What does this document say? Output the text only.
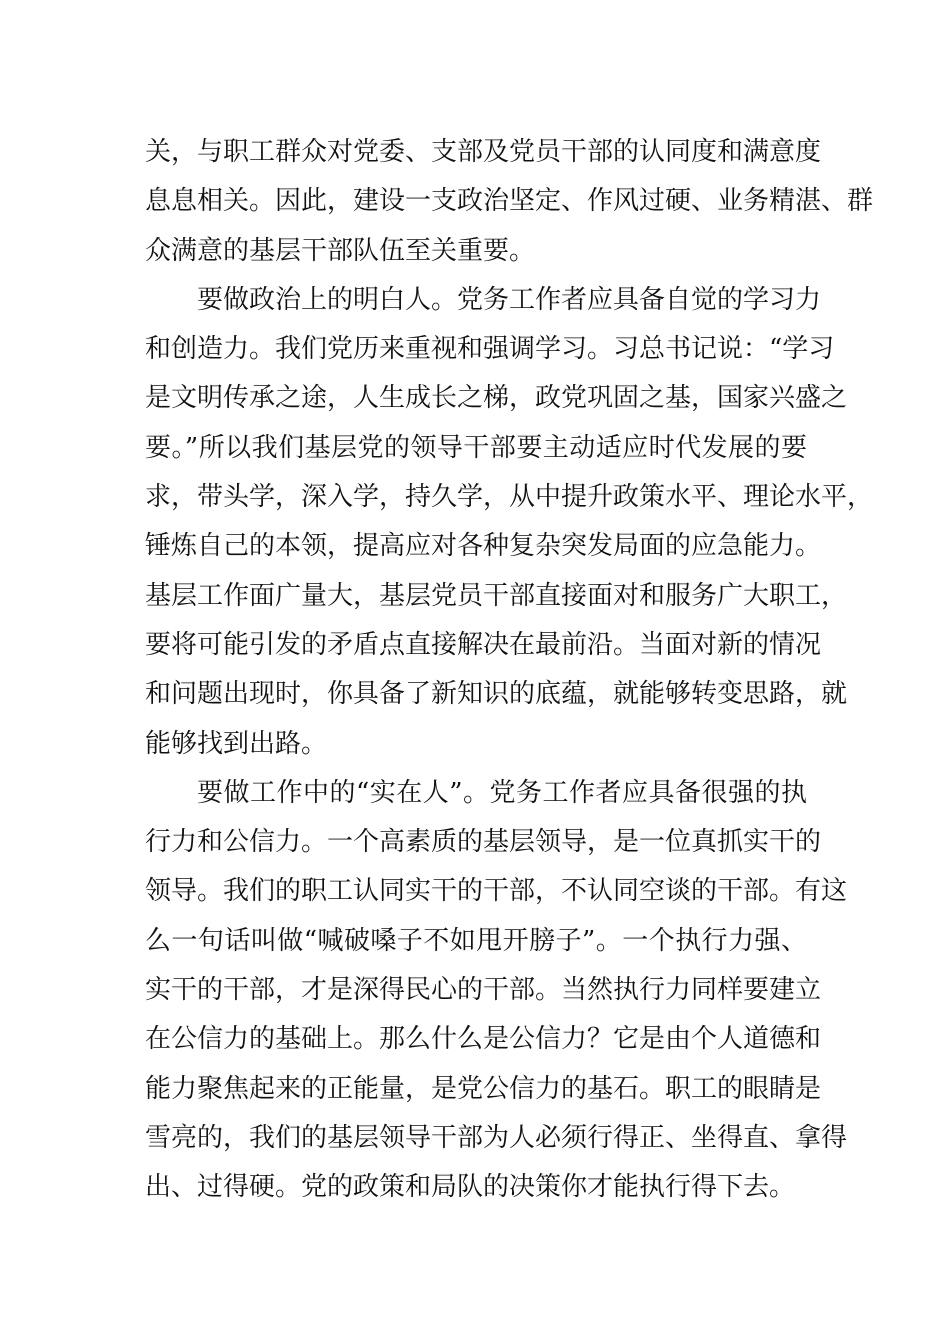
关，与职工群众对党委、支部及党员干部的认同度和满意度
息息相关。因此，建设一支政治坚定、作风过硬、业务精湛、群
众满意的基层干部队伍至关重要。
要做政治上的明白人。党务工作者应具备自觉的学习力
和创造力。我们党历来重视和强调学习。习总书记说：“学习
是文明传承之途，人生成长之梯，政党巩固之基，国家兴盛之
要。”所以我们基层党的领导干部要主动适应时代发展的要
求，带头学，深入学，持久学，从中提升政策水平、理论水平，
锤炼自己的本领，提高应对各种复杂突发局面的应急能力。
基层工作面广量大，基层党员干部直接面对和服务广大职工，
要将可能引发的矛盾点直接解决在最前沿。当面对新的情况
和问题出现时，你具备了新知识的底蕴，就能够转变思路，就
能够找到出路。
要做工作中的“实在人”。党务工作者应具备很强的执
行力和公信力。一个高素质的基层领导，是一位真抓实干的
领导。我们的职工认同实干的干部，不认同空谈的干部。有这
么一句话叫做“喊破嗓子不如甩开膀子”。一个执行力强、
实干的干部，才是深得民心的干部。当然执行力同样要建立
在公信力的基础上。那么什么是公信力？它是由个人道德和
能力聚焦起来的正能量，是党公信力的基石。职工的眼睛是
雪亮的，我们的基层领导干部为人必须行得正、坐得直、拿得
出、过得硬。党的政策和局队的决策你才能执行得下去。
